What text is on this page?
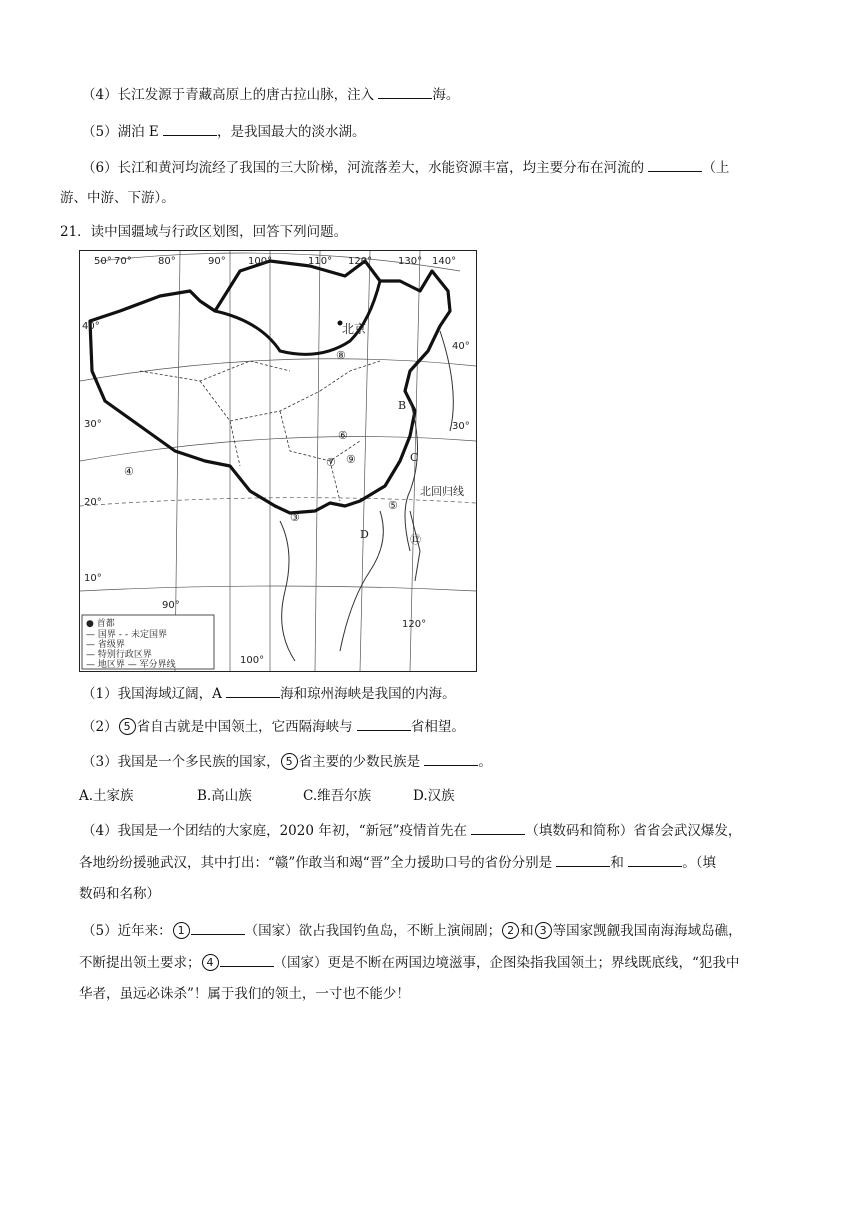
（4）长江发源于青藏高原上的唐古拉山脉，注入	海。
（5）湖泊 E	，是我国最大的淡水湖。
（6）长江和黄河均流经了我国的三大阶梯，河流落差大，水能资源丰富，均主要分布在河流的	（上
游、中游、下游）。
21．读中国疆域与行政区划图，回答下列问题。
50° 70°	80°	90° 100°	110° 120°	130° 140°
40°
30°
20°
10°
40°
30°
90°
100°
120°
北京
北回归线
B
C
D
④
⑤
⑥
⑦
⑧
⑨
③
⑫
● 首都
— 国界 - - 未定国界
— 省级界
— 特别行政区界
— 地区界 — 军分界线
（1）我国海域辽阔，A	海和琼州海峡是我国的内海。
（2） 5 省自古就是中国领土，它西隔海峡与	省相望。
（3）我国是一个多民族的国家， 5 省主要的少数民族是	。
A.土家族	B.高山族	C.维吾尔族	D.汉族
（4）我国是一个团结的大家庭，2020 年初，“新冠”疫情首先在	（填数码和简称）省省会武汉爆发，
各地纷纷援驰武汉，其中打出：“赣”作敢当和竭“晋”全力援助口号的省份分别是	和	。（填
数码和名称）
（5）近年来： 1	（国家）欲占我国钓鱼岛，不断上演闹剧； 2 和 3 等国家觊觎我国南海海域岛礁，
不断提出领土要求； 4	（国家）更是不断在两国边境滋事，企图染指我国领土；界线既底线，“犯我中
华者，虽远必诛杀”！属于我们的领土，一寸也不能少！
